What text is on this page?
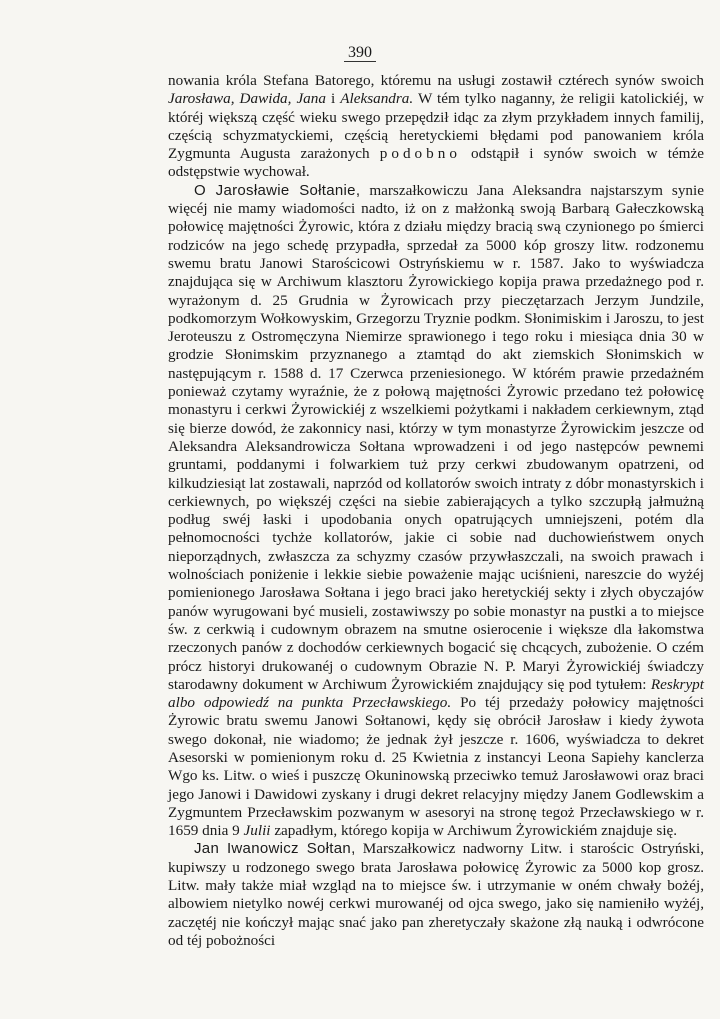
390

nowania króla Stefana Batorego, któremu na usługi zostawił cztérech synów swoich Jarosława, Dawida, Jana i Aleksandra. W tém tylko naganny, że religii katolickiéj, w któréj większą część wieku swego przepędził idąc za złym przykładem innych familij, częścią schyzmatyckiemi, częścią heretyckiemi błędami pod panowaniem króla Zygmunta Augusta zarażonych podobno odstąpił i synów swoich w témże odstępstwie wychował.

O Jarosławie Sołtanie, marszałkowiczu Jana Aleksandra najstarszym synie więcéj nie mamy wiadomości nadto, iż on z małżonką swoją Barbarą Gałeczkowską połowicę majętności Żyrowic, która z działu między bracią swą czynionego po śmierci rodziców na jego schedę przypadła, sprzedał za 5000 kóp groszy litw. rodzonemu swemu bratu Janowi Starościcowi Ostryńskiemu w r. 1587. Jako to wyświadcza znajdująca się w Archiwum klasztoru Żyrowickiego kopija prawa przedażnego pod r. wyrażonym d. 25 Grudnia w Żyrowicach przy pieczętarzach Jerzym Jundzile, podkomorzym Wołkowyskim, Grzegorzu Tryznie podkm. Słonimiskim i Jaroszu, to jest Jeroteuszu z Ostromęczyna Niemirze sprawionego i tego roku i miesiąca dnia 30 w grodzie Słonimskim przyznanego a ztamtąd do akt ziemskich Słonimskich w następującym r. 1588 d. 17 Czerwca przeniesionego. W którém prawie przedażném ponieważ czytamy wyraźnie, że z połową majętności Żyrowic przedano też połowicę monastyru i cerkwi Żyrowickiéj z wszelkiemi pożytkami i nakładem cerkiewnym, ztąd się bierze dowód, że zakonnicy nasi, którzy w tym monastyrze Żyrowickim jeszcze od Aleksandra Aleksandrowicza Sołtana wprowadzeni i od jego następców pewnemi gruntami, poddanymi i folwarkiem tuż przy cerkwi zbudowanym opatrzeni, od kilkudziesiąt lat zostawali, naprzód od kollatorów swoich intraty z dóbr monastyrskich i cerkiewnych, po większéj części na siebie zabierających a tylko szczupłą jałmużną podług swéj łaski i upodobania onych opatrujących umniejszeni, potém dla pełnomocności tychże kollatorów, jakie ci sobie nad duchowieństwem onych nieporządnych, zwłaszcza za schyzmy czasów przywłaszczali, na swoich prawach i wolnościach poniżenie i lekkie siebie poważenie mając uciśnieni, nareszcie do wyżéj pomienionego Jarosława Sołtana i jego braci jako heretyckiéj sekty i złych obyczajów panów wyrugowani być musieli, zostawiwszy po sobie monastyr na pustki a to miejsce św. z cerkwią i cudownym obrazem na smutne osierocenie i większe dla łakomstwa rzeczonych panów z dochodów cerkiewnych bogacić się chcących, zubożenie. O czém prócz historyi drukowanéj o cudownym Obrazie N. P. Maryi Żyrowickiéj świadczy starodawny dokument w Archiwum Żyrowickiém znajdujący się pod tytułem: Reskrypt albo odpowiedź na punkta Przecławskiego. Po téj przedaży połowicy majętności Żyrowic bratu swemu Janowi Sołtanowi, kędy się obrócił Jarosław i kiedy żywota swego dokonał, nie wiadomo; że jednak żył jeszcze r. 1606, wyświadcza to dekret Asesorski w pomienionym roku d. 25 Kwietnia z instancyi Leona Sapiehy kanclerza Wgo ks. Litw. o wieś i puszczę Okuninowską przeciwko temuż Jarosławowi oraz braci jego Janowi i Dawidowi zyskany i drugi dekret relacyjny między Janem Godlewskim a Zygmuntem Przecławskim pozwanym w asesoryi na stronę tegoż Przecławskiego w r. 1659 dnia 9 Julii zapadłym, którego kopija w Archiwum Żyrowickiém znajduje się.

Jan Iwanowicz Sołtan, Marszałkowicz nadworny Litw. i starościc Ostryński, kupiwszy u rodzonego swego brata Jarosława połowicę Żyrowic za 5000 kop grosz. Litw. mały także miał wzgląd na to miejsce św. i utrzymanie w oném chwały bożéj, albowiem nietylko nowéj cerkwi murowanéj od ojca swego, jako się namieniło wyżéj, zaczętéj nie kończył mając snać jako pan zheretyczały skażone złą nauką i odwrócone od téj pobożności
